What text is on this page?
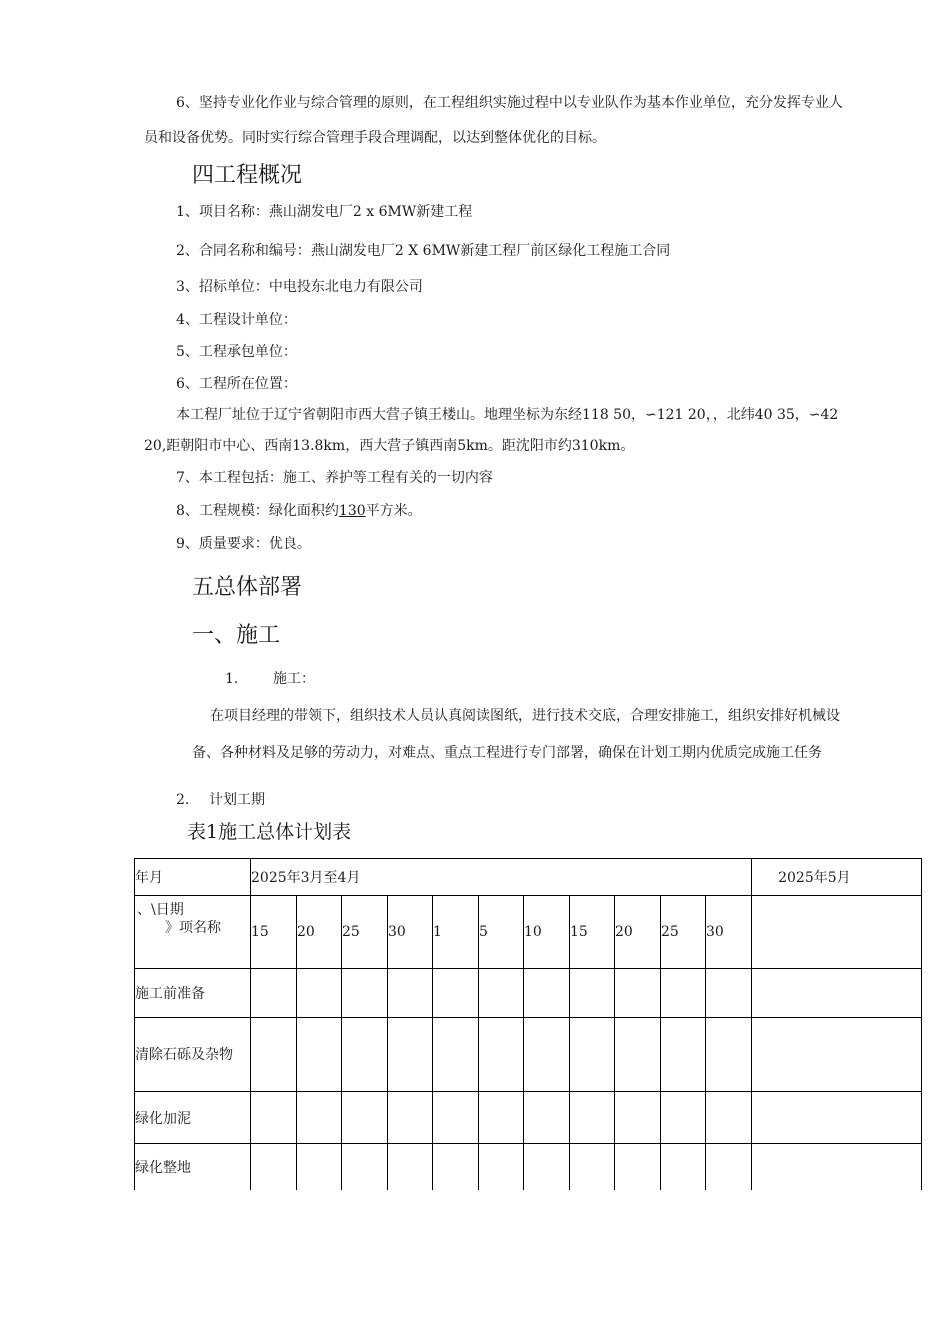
6、坚持专业化作业与综合管理的原则，在工程组织实施过程中以专业队作为基本作业单位，充分发挥专业人
员和设备优势。同时实行综合管理手段合理调配，以达到整体优化的目标。
四工程概况
1、项目名称：燕山湖发电厂2 x 6MW新建工程
2、合同名称和编号：燕山湖发电厂2 X 6MW新建工程厂前区绿化工程施工合同
3、招标单位：中电投东北电力有限公司
4、工程设计单位：
5、工程承包单位：
6、工程所在位置：
本工程厂址位于辽宁省朝阳市西大营子镇王楼山。地理坐标为东经118 50，∽121 20，，北纬40 35，∽42
20,距朝阳市中心、西南13.8km，西大营子镇西南5km。距沈阳市约310km。
7、本工程包括：施工、养护等工程有关的一切内容
8、工程规模：绿化面积约130平方米。
9、质量要求：优良。
五总体部署
一、施工
1. 施工：
在项目经理的带领下，组织技术人员认真阅读图纸，进行技术交底，合理安排施工，组织安排好机械设
备、各种材料及足够的劳动力，对难点、重点工程进行专门部署，确保在计划工期内优质完成施工任务
2. 计划工期
表1施工总体计划表
年月	2025年3月至4月											2025年5月

、\日期
》项名称	15	20	25	30	1	5	10	15	20	25	30	
施工前准备												
清除石砾及杂物												
绿化加泥												
绿化整地												
